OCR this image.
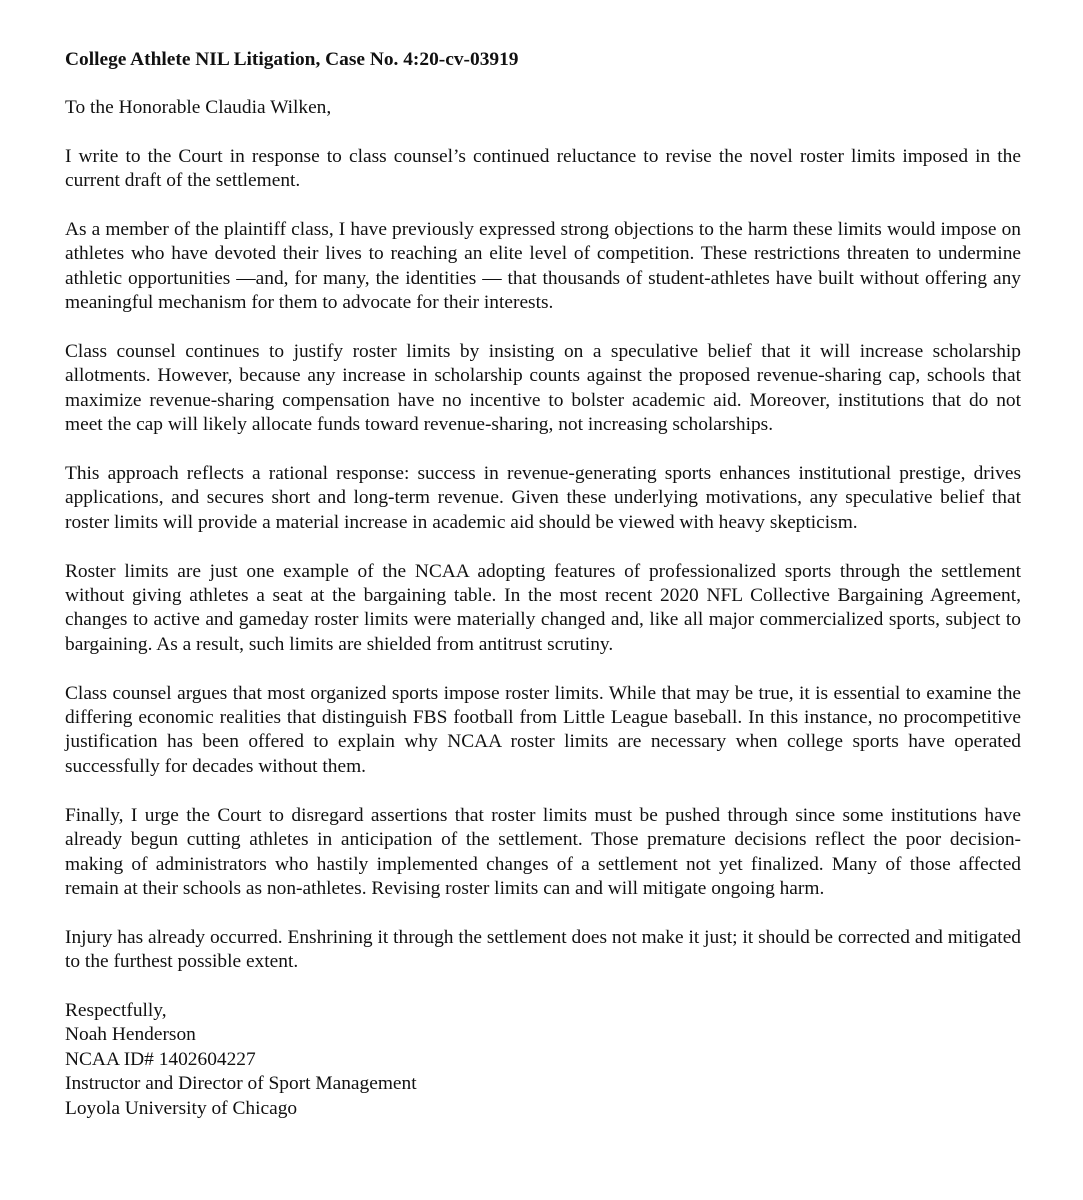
College Athlete NIL Litigation, Case No. 4:20-cv-03919

To the Honorable Claudia Wilken,

I write to the Court in response to class counsel’s continued reluctance to revise the novel roster limits imposed in the current draft of the settlement.

As a member of the plaintiff class, I have previously expressed strong objections to the harm these limits would impose on athletes who have devoted their lives to reaching an elite level of competition. These restrictions threaten to undermine athletic opportunities —and, for many, the identities — that thousands of student-athletes have built without offering any meaningful mechanism for them to advocate for their interests.

Class counsel continues to justify roster limits by insisting on a speculative belief that it will increase scholarship allotments. However, because any increase in scholarship counts against the proposed revenue-sharing cap, schools that maximize revenue-sharing compensation have no incentive to bolster academic aid. Moreover, institutions that do not meet the cap will likely allocate funds toward revenue-sharing, not increasing scholarships.

This approach reflects a rational response: success in revenue-generating sports enhances institutional prestige, drives applications, and secures short and long-term revenue. Given these underlying motivations, any speculative belief that roster limits will provide a material increase in academic aid should be viewed with heavy skepticism.

Roster limits are just one example of the NCAA adopting features of professionalized sports through the settlement without giving athletes a seat at the bargaining table. In the most recent 2020 NFL Collective Bargaining Agreement, changes to active and gameday roster limits were materially changed and, like all major commercialized sports, subject to bargaining. As a result, such limits are shielded from antitrust scrutiny.

Class counsel argues that most organized sports impose roster limits. While that may be true, it is essential to examine the differing economic realities that distinguish FBS football from Little League baseball. In this instance, no procompetitive justification has been offered to explain why NCAA roster limits are necessary when college sports have operated successfully for decades without them.

Finally, I urge the Court to disregard assertions that roster limits must be pushed through since some institutions have already begun cutting athletes in anticipation of the settlement. Those premature decisions reflect the poor decision-making of administrators who hastily implemented changes of a settlement not yet finalized. Many of those affected remain at their schools as non-athletes. Revising roster limits can and will mitigate ongoing harm.

Injury has already occurred. Enshrining it through the settlement does not make it just; it should be corrected and mitigated to the furthest possible extent.

Respectfully,
Noah Henderson
NCAA ID# 1402604227
Instructor and Director of Sport Management
Loyola University of Chicago
